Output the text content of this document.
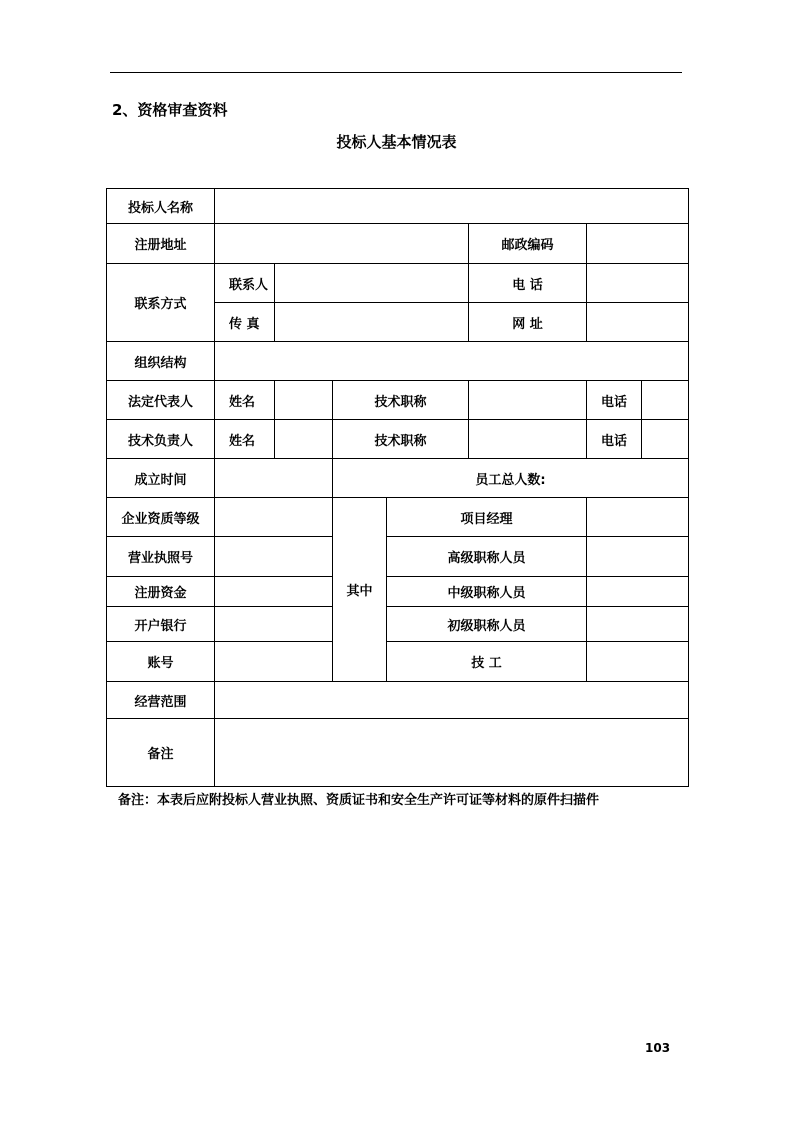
2、资格审查资料
投标人基本情况表
投标人名称							
注册地址					邮政编码		
联系方式	联系人				电 话		
	传 真				网 址		
组织结构							
法定代表人	姓名		技术职称			电话	
技术负责人	姓名		技术职称			电话	
成立时间			员工总人数:				
企业资质等级			其中	项目经理			
营业执照号				高级职称人员			
注册资金				中级职称人员			
开户银行				初级职称人员			
账号				技 工			
经营范围							
备注							
备注：本表后应附投标人营业执照、资质证书和安全生产许可证等材料的原件扫描件
103
